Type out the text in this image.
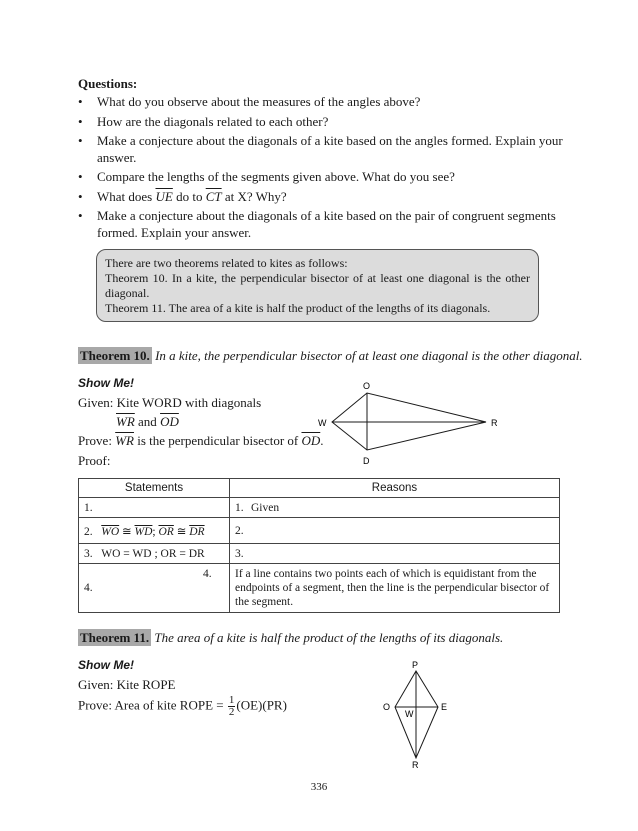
Questions:
• What do you observe about the measures of the angles above?
• How are the diagonals related to each other?
• Make a conjecture about the diagonals of a kite based on the angles formed. Explain your answer.
• Compare the lengths of the segments given above. What do you see?
• What does $\overline{UE}$ do to $\overline{CT}$ at X? Why?
• Make a conjecture about the diagonals of a kite based on the pair of congruent segments formed. Explain your answer.
There are two theorems related to kites as follows:
Theorem 10. In a kite, the perpendicular bisector of at least one diagonal is the other diagonal.
Theorem 11. The area of a kite is half the product of the lengths of its diagonals.
Theorem 10. In a kite, the perpendicular bisector of at least one diagonal is the other diagonal.
Show Me!
Given: Kite WORD with diagonals
$\overline{WR}$ and $\overline{OD}$
Prove: $\overline{WR}$ is the perpendicular bisector of $\overline{OD}$.
Proof:
O
W	R
D
Statements	Reasons
1.	1. Given
2. $\overline{WO}$ ≅ $\overline{WD}$; $\overline{OR}$ ≅ $\overline{DR}$	2.
3. WO = WD ; OR = DR	3.
4.	4. If a line contains two points each of which is equidistant from the endpoints of a segment, then the line is the perpendicular bisector of the segment.
Theorem 11. The area of a kite is half the product of the lengths of its diagonals.
Show Me!
Given: Kite ROPE
Prove: Area of kite ROPE = $\frac{1}{2} (OE)(PR)$
P
O
W
E
R
336
